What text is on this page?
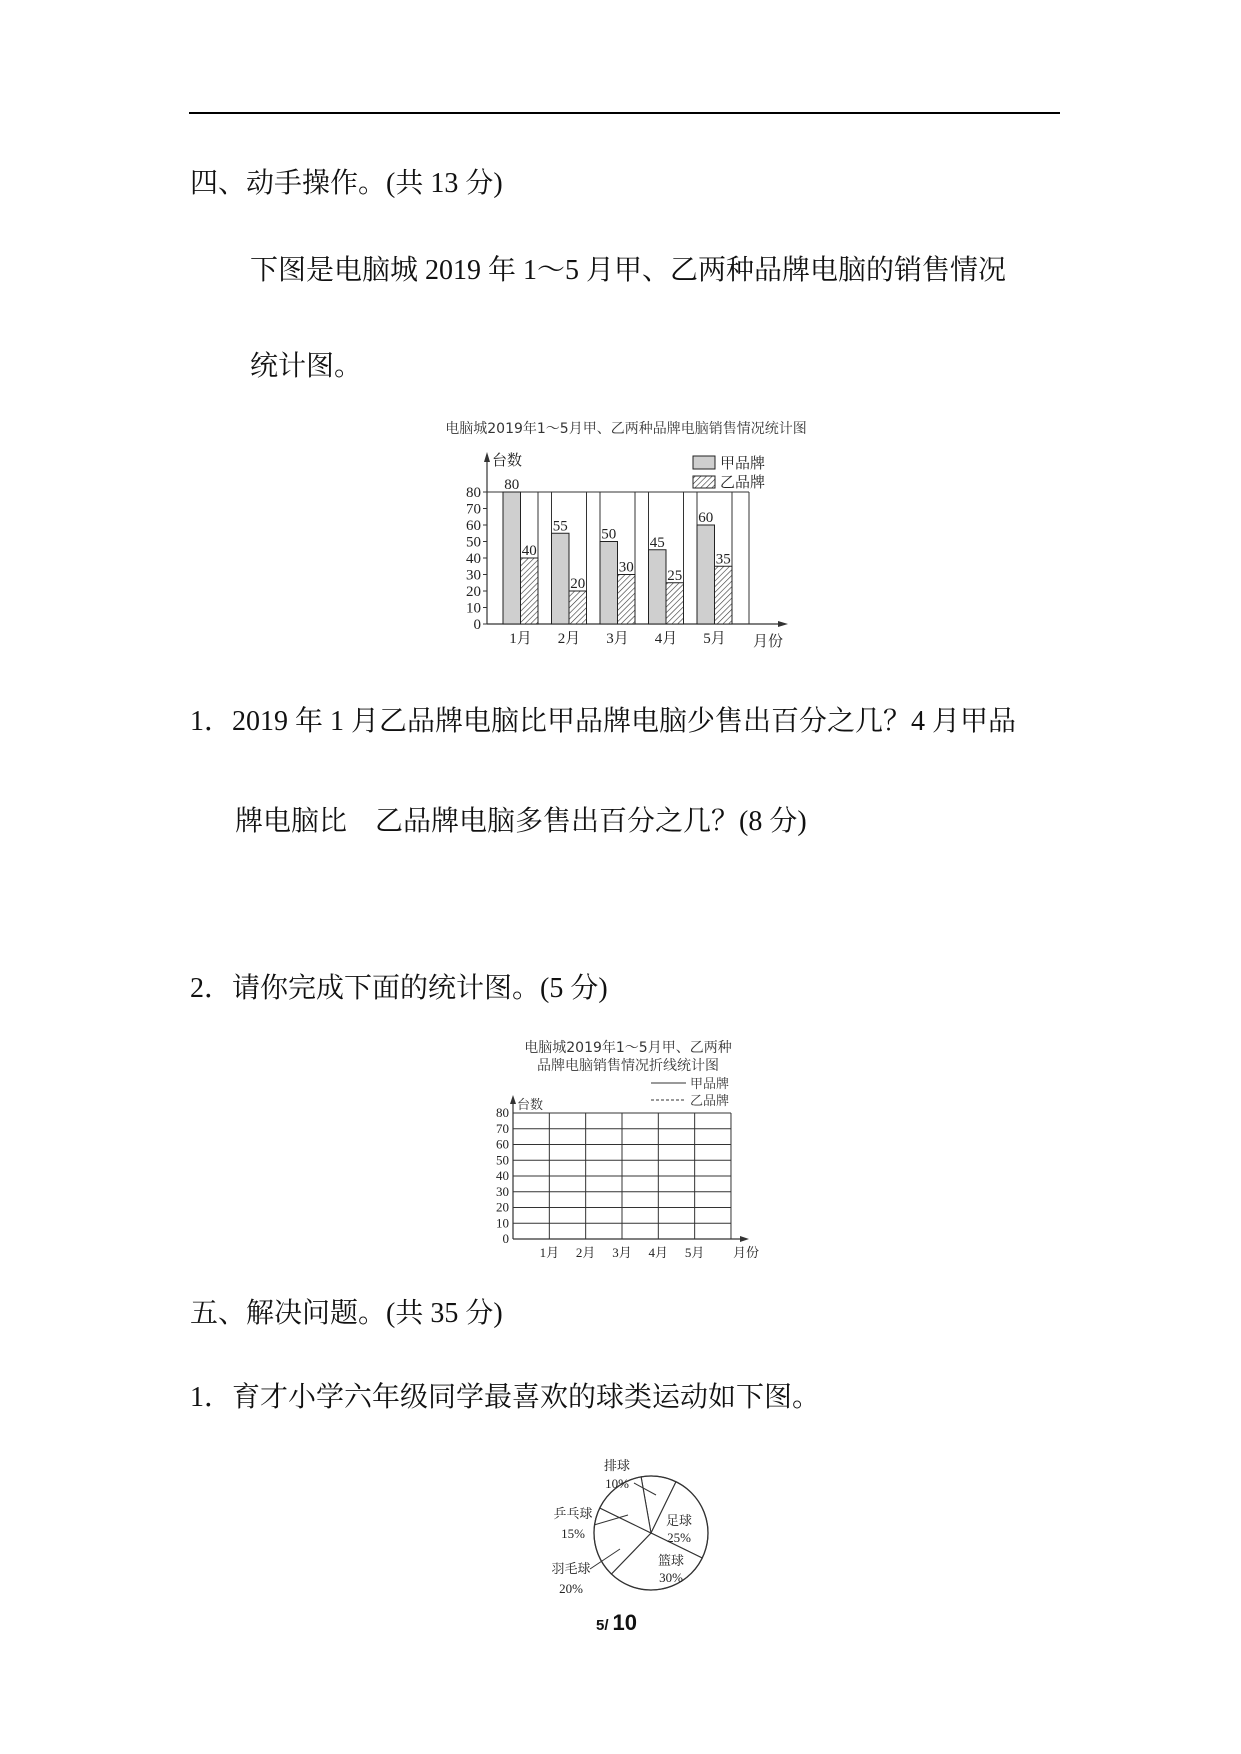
四、动手操作。(共 13 分)
下图是电脑城 2019 年 1～5 月甲、乙两种品牌电脑的销售情况
统计图。
电脑城2019年1～5月甲、乙两种品牌电脑销售情况统计图
0
10
20
30
40
50
60
70
80
台数
月份
80
40
1月
55
20
2月
50
30
3月
45
25
4月
60
35
5月
甲品牌
乙品牌
1．2019 年 1 月乙品牌电脑比甲品牌电脑少售出百分之几？4 月甲品
牌电脑比　乙品牌电脑多售出百分之几？(8 分)
2．请你完成下面的统计图。(5 分)
电脑城2019年1～5月甲、乙两种
品牌电脑销售情况折线统计图
甲品牌
乙品牌
0
10
20
30
40
50
60
70
80 台数
1月 2月 3月 4月 5月 月份
五、解决问题。(共 35 分)
1．育才小学六年级同学最喜欢的球类运动如下图。
排球
10%
足球
25%
篮球
30%
羽毛球
20%
乒乓球
15%
5/ 10
